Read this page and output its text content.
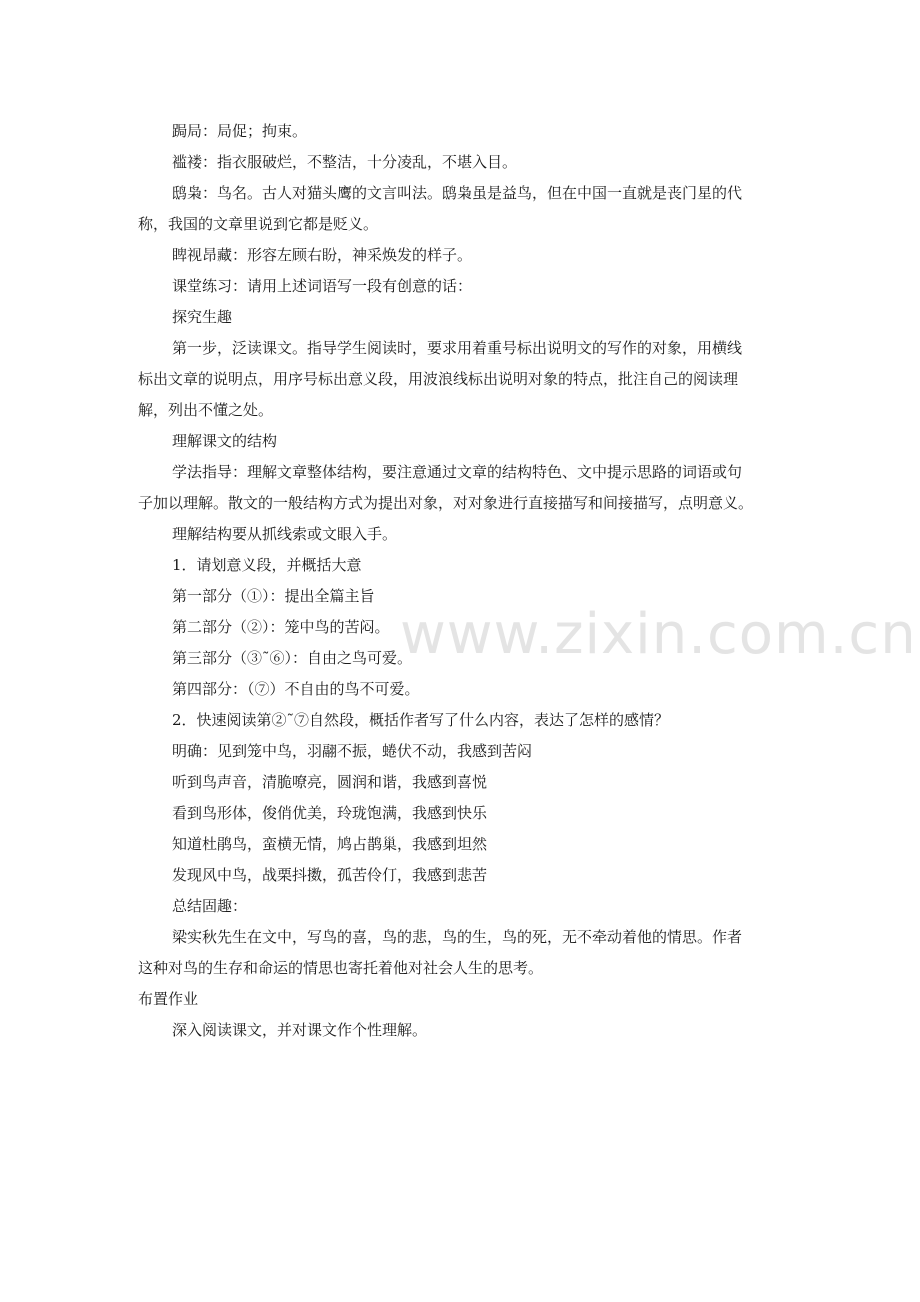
www.zixin.com.cn
跼局：局促；拘束。
褴褛：指衣服破烂，不整洁，十分凌乱，不堪入目。
鸱枭：鸟名。古人对猫头鹰的文言叫法。鸱枭虽是益鸟，但在中国一直就是丧门星的代
称，我国的文章里说到它都是贬义。
睥视昂藏：形容左顾右盼，神采焕发的样子。
课堂练习：请用上述词语写一段有创意的话：
探究生趣
第一步，泛读课文。指导学生阅读时，要求用着重号标出说明文的写作的对象，用横线
标出文章的说明点，用序号标出意义段，用波浪线标出说明对象的特点，批注自己的阅读理
解，列出不懂之处。
理解课文的结构
学法指导：理解文章整体结构，要注意通过文章的结构特色、文中提示思路的词语或句
子加以理解。散文的一般结构方式为提出对象，对对象进行直接描写和间接描写，点明意义。
理解结构要从抓线索或文眼入手。
1．请划意义段，并概括大意
第一部分（①）：提出全篇主旨
第二部分（②）：笼中鸟的苦闷。
第三部分（③˜⑥）：自由之鸟可爱。
第四部分：（⑦）不自由的鸟不可爱。
2．快速阅读第②˜⑦自然段，概括作者写了什么内容，表达了怎样的感情？
明确：见到笼中鸟，羽翮不振，蜷伏不动，我感到苦闷
听到鸟声音，清脆嘹亮，圆润和谐，我感到喜悦
看到鸟形体，俊俏优美，玲珑饱满，我感到快乐
知道杜鹃鸟，蛮横无情，鸠占鹊巢，我感到坦然
发现风中鸟，战栗抖擞，孤苦伶仃，我感到悲苦
总结固趣：
梁实秋先生在文中，写鸟的喜，鸟的悲，鸟的生，鸟的死，无不牵动着他的情思。作者
这种对鸟的生存和命运的情思也寄托着他对社会人生的思考。
布置作业
深入阅读课文，并对课文作个性理解。
